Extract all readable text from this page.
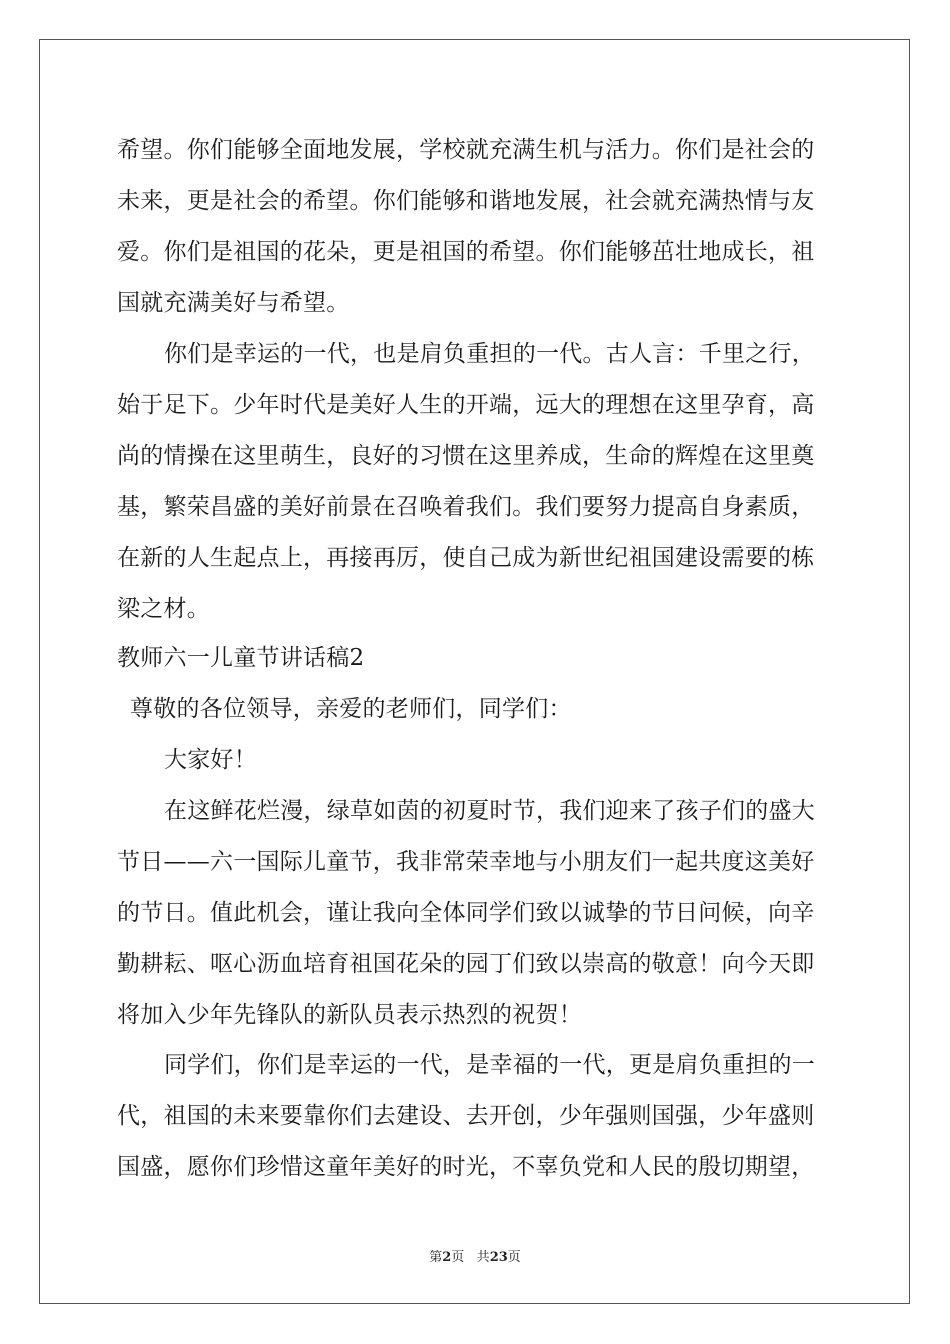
希望。你们能够全面地发展，学校就充满生机与活力。你们是社会的

未来，更是社会的希望。你们能够和谐地发展，社会就充满热情与友

爱。你们是祖国的花朵，更是祖国的希望。你们能够茁壮地成长，祖

国就充满美好与希望。

你们是幸运的一代，也是肩负重担的一代。古人言：千里之行，

始于足下。少年时代是美好人生的开端，远大的理想在这里孕育，高

尚的情操在这里萌生，良好的习惯在这里养成，生命的辉煌在这里奠

基，繁荣昌盛的美好前景在召唤着我们。我们要努力提高自身素质，

在新的人生起点上，再接再厉，使自己成为新世纪祖国建设需要的栋

梁之材。

教师六一儿童节讲话稿2

尊敬的各位领导，亲爱的老师们，同学们：

大家好！

在这鲜花烂漫，绿草如茵的初夏时节，我们迎来了孩子们的盛大

节日——六一国际儿童节，我非常荣幸地与小朋友们一起共度这美好

的节日。值此机会，谨让我向全体同学们致以诚挚的节日问候，向辛

勤耕耘、呕心沥血培育祖国花朵的园丁们致以崇高的敬意！向今天即

将加入少年先锋队的新队员表示热烈的祝贺！

同学们，你们是幸运的一代，是幸福的一代，更是肩负重担的一

代，祖国的未来要靠你们去建设、去开创，少年强则国强，少年盛则

国盛，愿你们珍惜这童年美好的时光，不辜负党和人民的殷切期望，

第2页 共23页
